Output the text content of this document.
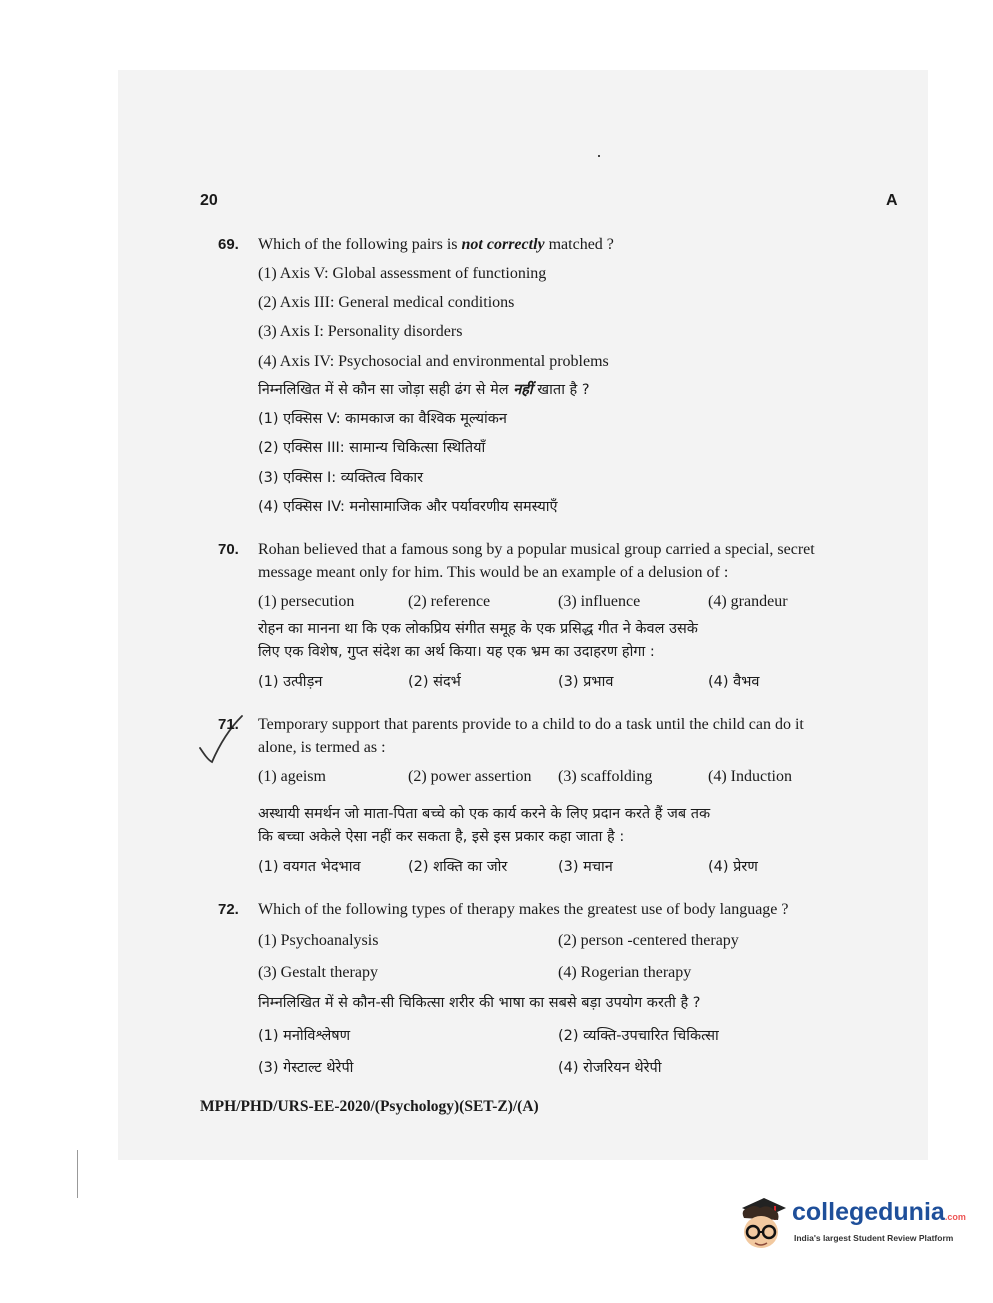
20	A
69. Which of the following pairs is not correctly matched ?
(1) Axis V: Global assessment of functioning
(2) Axis III: General medical conditions
(3) Axis I: Personality disorders
(4) Axis IV: Psychosocial and environmental problems
निम्नलिखित में से कौन सा जोड़ा सही ढंग से मेल नहीं खाता है ?
(1) एक्सिस V: कामकाज का वैश्विक मूल्यांकन
(2) एक्सिस III: सामान्य चिकित्सा स्थितियाँ
(3) एक्सिस I: व्यक्तित्व विकार
(4) एक्सिस IV: मनोसामाजिक और पर्यावरणीय समस्याएँ
70. Rohan believed that a famous song by a popular musical group carried a special, secret
message meant only for him. This would be an example of a delusion of :
(1) persecution	(2) reference	(3) influence	(4) grandeur
रोहन का मानना था कि एक लोकप्रिय संगीत समूह के एक प्रसिद्ध गीत ने केवल उसके
लिए एक विशेष, गुप्त संदेश का अर्थ किया। यह एक भ्रम का उदाहरण होगा :
(1) उत्पीड़न	(2) संदर्भ	(3) प्रभाव	(4) वैभव
71. Temporary support that parents provide to a child to do a task until the child can do it
alone, is termed as :
(1) ageism	(2) power assertion (3) scaffolding	(4) Induction
अस्थायी समर्थन जो माता-पिता बच्चे को एक कार्य करने के लिए प्रदान करते हैं जब तक
कि बच्चा अकेले ऐसा नहीं कर सकता है, इसे इस प्रकार कहा जाता है :
(1) वयगत भेदभाव	(2) शक्ति का जोर	(3) मचान	(4) प्रेरण
72. Which of the following types of therapy makes the greatest use of body language ?
(1) Psychoanalysis	(2) person -centered therapy
(3) Gestalt therapy	(4) Rogerian therapy
निम्नलिखित में से कौन-सी चिकित्सा शरीर की भाषा का सबसे बड़ा उपयोग करती है ?
(1) मनोविश्लेषण	(2) व्यक्ति-उपचारित चिकित्सा
(3) गेस्टाल्ट थेरेपी	(4) रोजरियन थेरेपी
MPH/PHD/URS-EE-2020/(Psychology)(SET-Z)/(A)
collegedunia.com
India's largest Student Review Platform
